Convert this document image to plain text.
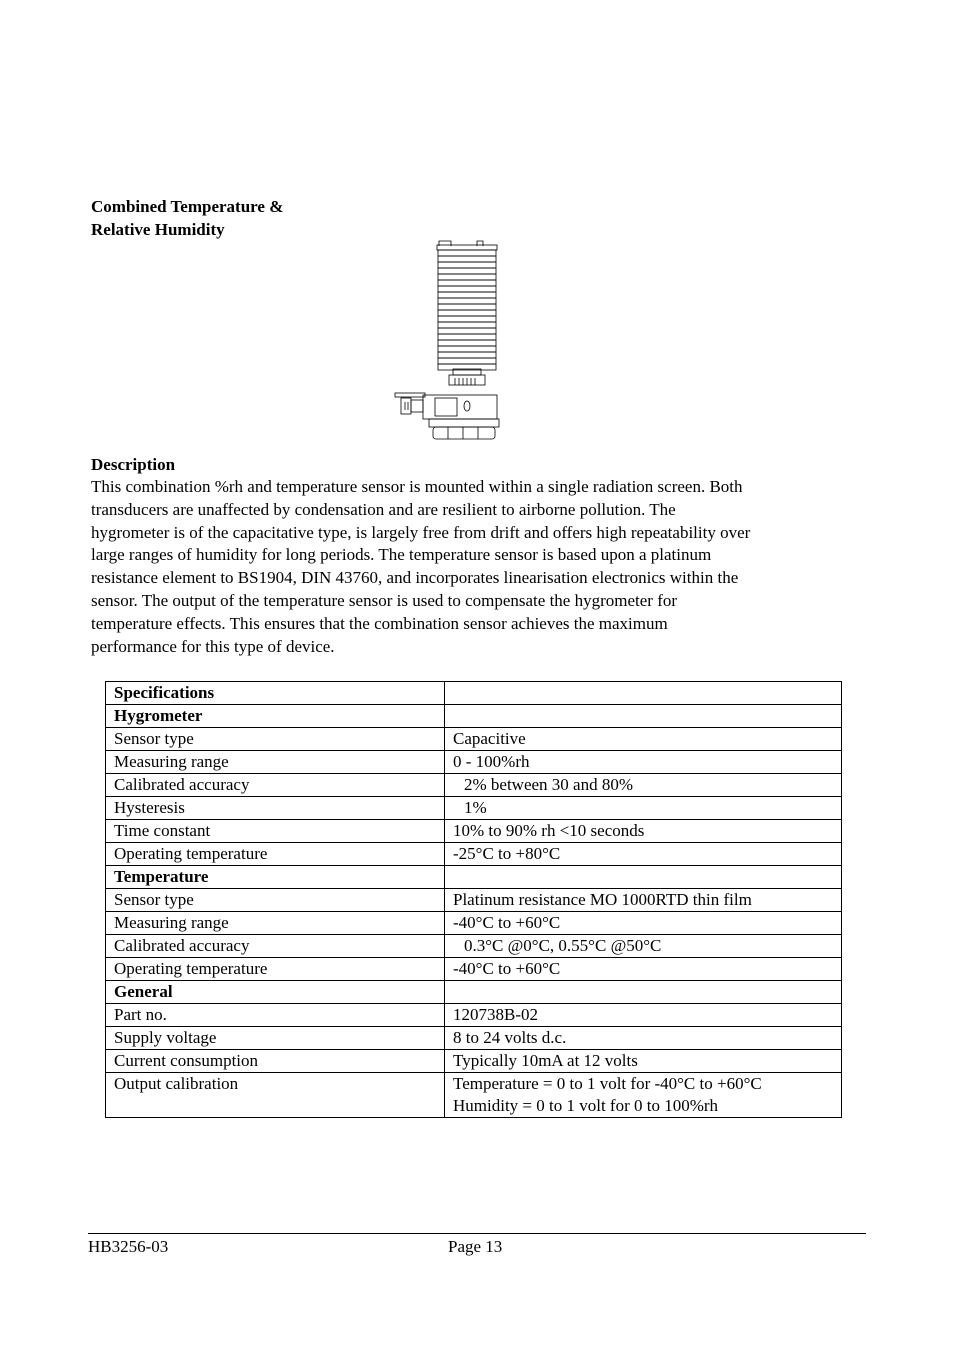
Combined Temperature &
Relative Humidity
Description
This combination %rh and temperature sensor is mounted within a single radiation screen. Both
transducers are unaffected by condensation and are resilient to airborne pollution. The
hygrometer is of the capacitative type, is largely free from drift and offers high repeatability over
large ranges of humidity for long periods. The temperature sensor is based upon a platinum
resistance element to BS1904, DIN 43760, and incorporates linearisation electronics within the
sensor. The output of the temperature sensor is used to compensate the hygrometer for
temperature effects. This ensures that the combination sensor achieves the maximum
performance for this type of device.
Specifications	

Hygrometer	

Sensor type	Capacitive

Measuring range	0 - 100%rh

Calibrated accuracy	2% between 30 and 80%

Hysteresis	1%

Time constant	10% to 90% rh <10 seconds

Operating temperature	-25°C to +80°C

Temperature	

Sensor type	Platinum resistance MO 1000RTD thin film

Measuring range	-40°C to +60°C

Calibrated accuracy	0.3°C @0°C, 0.55°C @50°C

Operating temperature	-40°C to +60°C

General	

Part no.	120738B-02

Supply voltage	8 to 24 volts d.c.

Current consumption	Typically 10mA at 12 volts

Output calibration	Temperature = 0 to 1 volt for -40°C to +60°C
Humidity = 0 to 1 volt for 0 to 100%rh
HB3256-03	Page 13
